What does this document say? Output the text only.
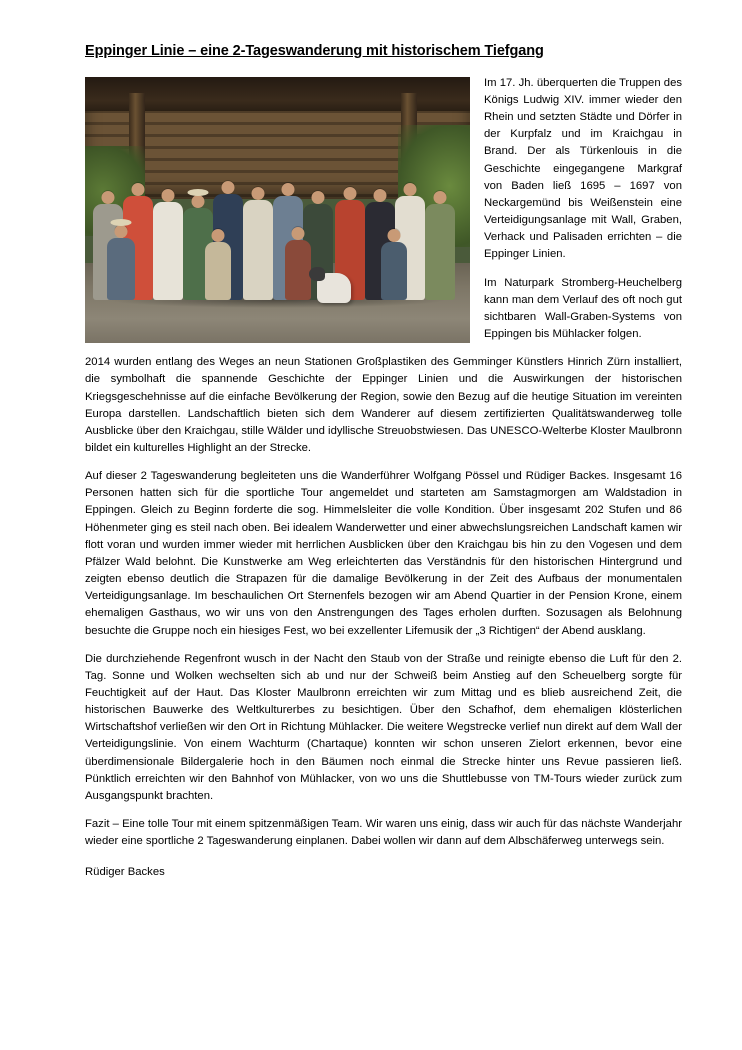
Eppinger Linie – eine 2-Tageswanderung mit historischem Tiefgang

Im 17. Jh. überquerten die Truppen des Königs Ludwig XIV. immer wieder den Rhein und setzten Städte und Dörfer in der Kurpfalz und im Kraichgau in Brand. Der als Türkenlouis in die Geschichte eingegangene Markgraf von Baden ließ 1695 – 1697 von Neckargemünd bis Weißenstein eine Verteidigungsanlage mit Wall, Graben, Verhack und Palisaden errichten – die Eppinger Linien.

Im Naturpark Stromberg-Heuchelberg kann man dem Verlauf des oft noch gut sichtbaren Wall-Graben-Systems von Eppingen bis Mühlacker folgen.

2014 wurden entlang des Weges an neun Stationen Großplastiken des Gemminger Künstlers Hinrich Zürn installiert, die symbolhaft die spannende Geschichte der Eppinger Linien und die Auswirkungen der historischen Kriegsgeschehnisse auf die einfache Bevölkerung der Region, sowie den Bezug auf die heutige Situation im vereinten Europa darstellen. Landschaftlich bieten sich dem Wanderer auf diesem zertifizierten Qualitätswanderweg tolle Ausblicke über den Kraichgau, stille Wälder und idyllische Streuobstwiesen. Das UNESCO-Welterbe Kloster Maulbronn bildet ein kulturelles Highlight an der Strecke.

Auf dieser 2 Tageswanderung begleiteten uns die Wanderführer Wolfgang Pössel und Rüdiger Backes. Insgesamt 16 Personen hatten sich für die sportliche Tour angemeldet und starteten am Samstagmorgen am Waldstadion in Eppingen. Gleich zu Beginn forderte die sog. Himmelsleiter die volle Kondition. Über insgesamt 202 Stufen und 86 Höhenmeter ging es steil nach oben. Bei idealem Wanderwetter und einer abwechslungsreichen Landschaft kamen wir flott voran und wurden immer wieder mit herrlichen Ausblicken über den Kraichgau bis hin zu den Vogesen und dem Pfälzer Wald belohnt. Die Kunstwerke am Weg erleichterten das Verständnis für den historischen Hintergrund und zeigten ebenso deutlich die Strapazen für die damalige Bevölkerung in der Zeit des Aufbaus der monumentalen Verteidigungsanlage. Im beschaulichen Ort Sternenfels bezogen wir am Abend Quartier in der Pension Krone, einem ehemaligen Gasthaus, wo wir uns von den Anstrengungen des Tages erholen durften. Sozusagen als Belohnung besuchte die Gruppe noch ein hiesiges Fest, wo bei exzellenter Lifemusik der „3 Richtigen“ der Abend ausklang.

Die durchziehende Regenfront wusch in der Nacht den Staub von der Straße und reinigte ebenso die Luft für den 2. Tag. Sonne und Wolken wechselten sich ab und nur der Schweiß beim Anstieg auf den Scheuelberg sorgte für Feuchtigkeit auf der Haut. Das Kloster Maulbronn erreichten wir zum Mittag und es blieb ausreichend Zeit, die historischen Bauwerke des Weltkulturerbes zu besichtigen. Über den Schafhof, dem ehemaligen klösterlichen Wirtschaftshof verließen wir den Ort in Richtung Mühlacker. Die weitere Wegstrecke verlief nun direkt auf dem Wall der Verteidigungslinie. Von einem Wachturm (Chartaque) konnten wir schon unseren Zielort erkennen, bevor eine überdimensionale Bildergalerie hoch in den Bäumen noch einmal die Strecke hinter uns Revue passieren ließ. Pünktlich erreichten wir den Bahnhof von Mühlacker, von wo uns die Shuttlebusse von TM-Tours wieder zurück zum Ausgangspunkt brachten.

Fazit – Eine tolle Tour mit einem spitzenmäßigen Team. Wir waren uns einig, dass wir auch für das nächste Wanderjahr wieder eine sportliche 2 Tageswanderung einplanen. Dabei wollen wir dann auf dem Albschäferweg unterwegs sein.

Rüdiger Backes
